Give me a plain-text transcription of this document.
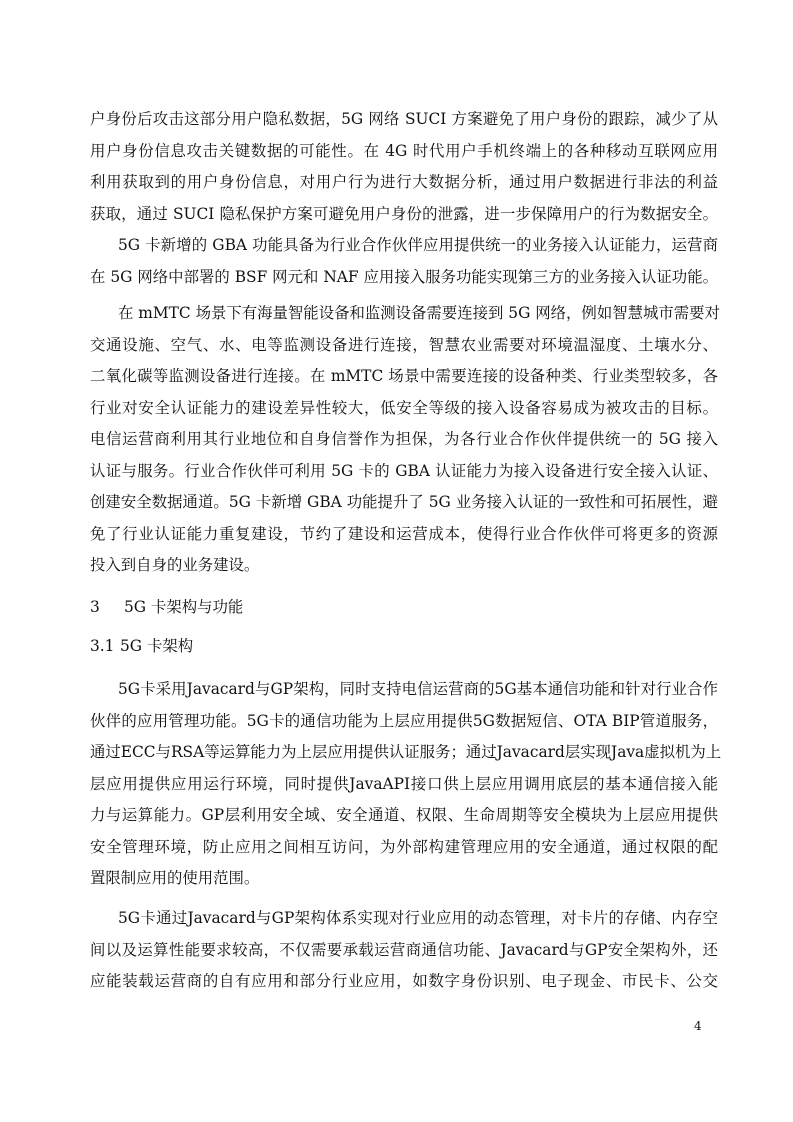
户身份后攻击这部分用户隐私数据，5G 网络 SUCI 方案避免了用户身份的跟踪，减少了从
用户身份信息攻击关键数据的可能性。在 4G 时代用户手机终端上的各种移动互联网应用
利用获取到的用户身份信息，对用户行为进行大数据分析，通过用户数据进行非法的利益
获取，通过 SUCI 隐私保护方案可避免用户身份的泄露，进一步保障用户的行为数据安全。
5G 卡新增的 GBA 功能具备为行业合作伙伴应用提供统一的业务接入认证能力，运营商
在 5G 网络中部署的 BSF 网元和 NAF 应用接入服务功能实现第三方的业务接入认证功能。
在 mMTC 场景下有海量智能设备和监测设备需要连接到 5G 网络，例如智慧城市需要对
交通设施、空气、水、电等监测设备进行连接，智慧农业需要对环境温湿度、土壤水分、
二氧化碳等监测设备进行连接。在 mMTC 场景中需要连接的设备种类、行业类型较多，各
行业对安全认证能力的建设差异性较大，低安全等级的接入设备容易成为被攻击的目标。
电信运营商利用其行业地位和自身信誉作为担保，为各行业合作伙伴提供统一的 5G 接入
认证与服务。行业合作伙伴可利用 5G 卡的 GBA 认证能力为接入设备进行安全接入认证、
创建安全数据通道。5G 卡新增 GBA 功能提升了 5G 业务接入认证的一致性和可拓展性，避
免了行业认证能力重复建设，节约了建设和运营成本，使得行业合作伙伴可将更多的资源
投入到自身的业务建设。
3 5G 卡架构与功能
3.1 5G 卡架构
5G卡采用Javacard与GP架构，同时支持电信运营商的5G基本通信功能和针对行业合作
伙伴的应用管理功能。5G卡的通信功能为上层应用提供5G数据短信、OTA BIP管道服务，
通过ECC与RSA等运算能力为上层应用提供认证服务；通过Javacard层实现Java虚拟机为上
层应用提供应用运行环境，同时提供JavaAPI接口供上层应用调用底层的基本通信接入能
力与运算能力。GP层利用安全域、安全通道、权限、生命周期等安全模块为上层应用提供
安全管理环境，防止应用之间相互访问，为外部构建管理应用的安全通道，通过权限的配
置限制应用的使用范围。
5G卡通过Javacard与GP架构体系实现对行业应用的动态管理，对卡片的存储、内存空
间以及运算性能要求较高，不仅需要承载运营商通信功能、Javacard与GP安全架构外，还
应能装载运营商的自有应用和部分行业应用，如数字身份识别、电子现金、市民卡、公交

4
